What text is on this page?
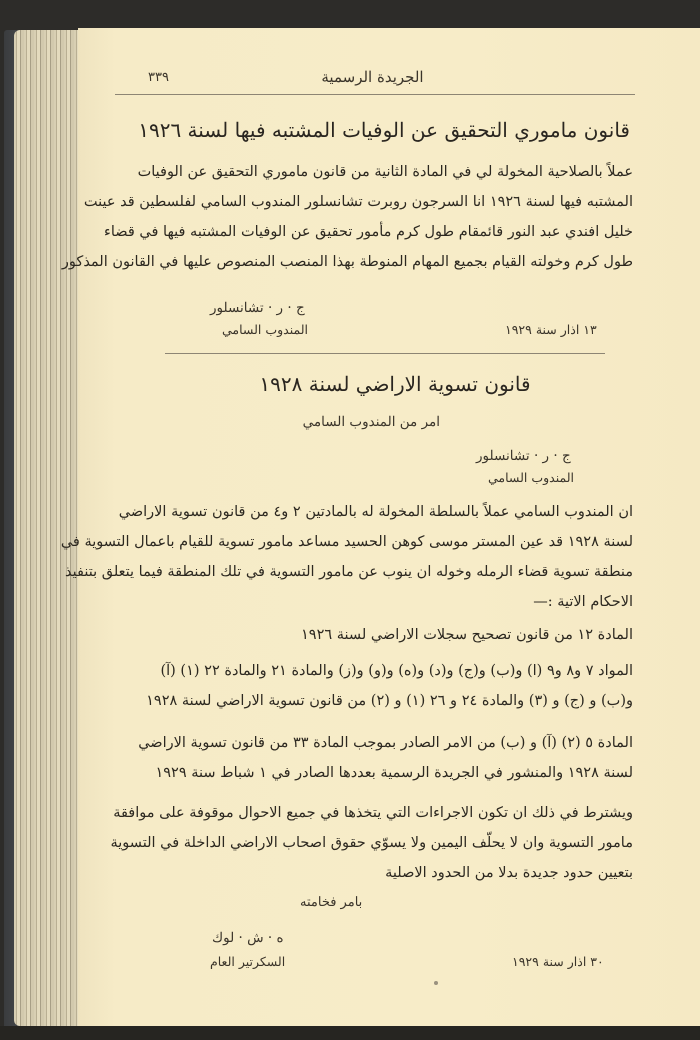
الجريدة الرسمية
٣٣٩
قانون ماموري التحقيق عن الوفيات المشتبه فيها لسنة ١٩٢٦
عملاً بالصلاحية المخولة لي في المادة الثانية من قانون ماموري التحقيق عن الوفيات
المشتبه فيها لسنة ١٩٢٦ انا السرجون روبرت تشانسلور المندوب السامي لفلسطين قد عينت
خليل افندي عبد النور قائمقام طول كرم مأمور تحقيق عن الوفيات المشتبه فيها في قضاء
طول كرم وخولته القيام بجميع المهام المنوطة بهذا المنصب المنصوص عليها في القانون المذكور
ج · ر · تشانسلور
المندوب السامي	١٣ اذار سنة ١٩٢٩
قانون تسوية الاراضي لسنة ١٩٢٨
امر من المندوب السامي
ج · ر · تشانسلور
المندوب السامي
ان المندوب السامي عملاً بالسلطة المخولة له بالمادتين ٢ و٤ من قانون تسوية الاراضي
لسنة ١٩٢٨ قد عين المستر موسى كوهن الحسيد مساعد مامور تسوية للقيام باعمال التسوية في
منطقة تسوية قضاء الرمله وخوله ان ينوب عن مامور التسوية في تلك المنطقة فيما يتعلق بتنفيذ
الاحكام الاتية :—
المادة ١٢ من قانون تصحيح سجلات الاراضي لسنة ١٩٢٦
المواد ٧ و٨ و٩ (ا) و(ب) و(ج) و(د) و(ه) و(و) و(ز) والمادة ٢١ والمادة ٢٢ (١) (آ)
و(ب) و (ج) و (٣) والمادة ٢٤ و ٢٦ (١) و (٢) من قانون تسوية الاراضي لسنة ١٩٢٨
المادة ٥ (٢) (آ) و (ب) من الامر الصادر بموجب المادة ٣٣ من قانون تسوية الاراضي
لسنة ١٩٢٨ والمنشور في الجريدة الرسمية بعددها الصادر في ١ شباط سنة ١٩٢٩
ويشترط في ذلك ان تكون الاجراءات التي يتخذها في جميع الاحوال موقوفة على موافقة
مامور التسوية وان لا يحلّف اليمين ولا يسوّي حقوق اصحاب الاراضي الداخلة في التسوية
بتعيين حدود جديدة بدلا من الحدود الاصلية
بامر فخامته
ه · ش · لوك
السكرتير العام	٣٠ اذار سنة ١٩٢٩
